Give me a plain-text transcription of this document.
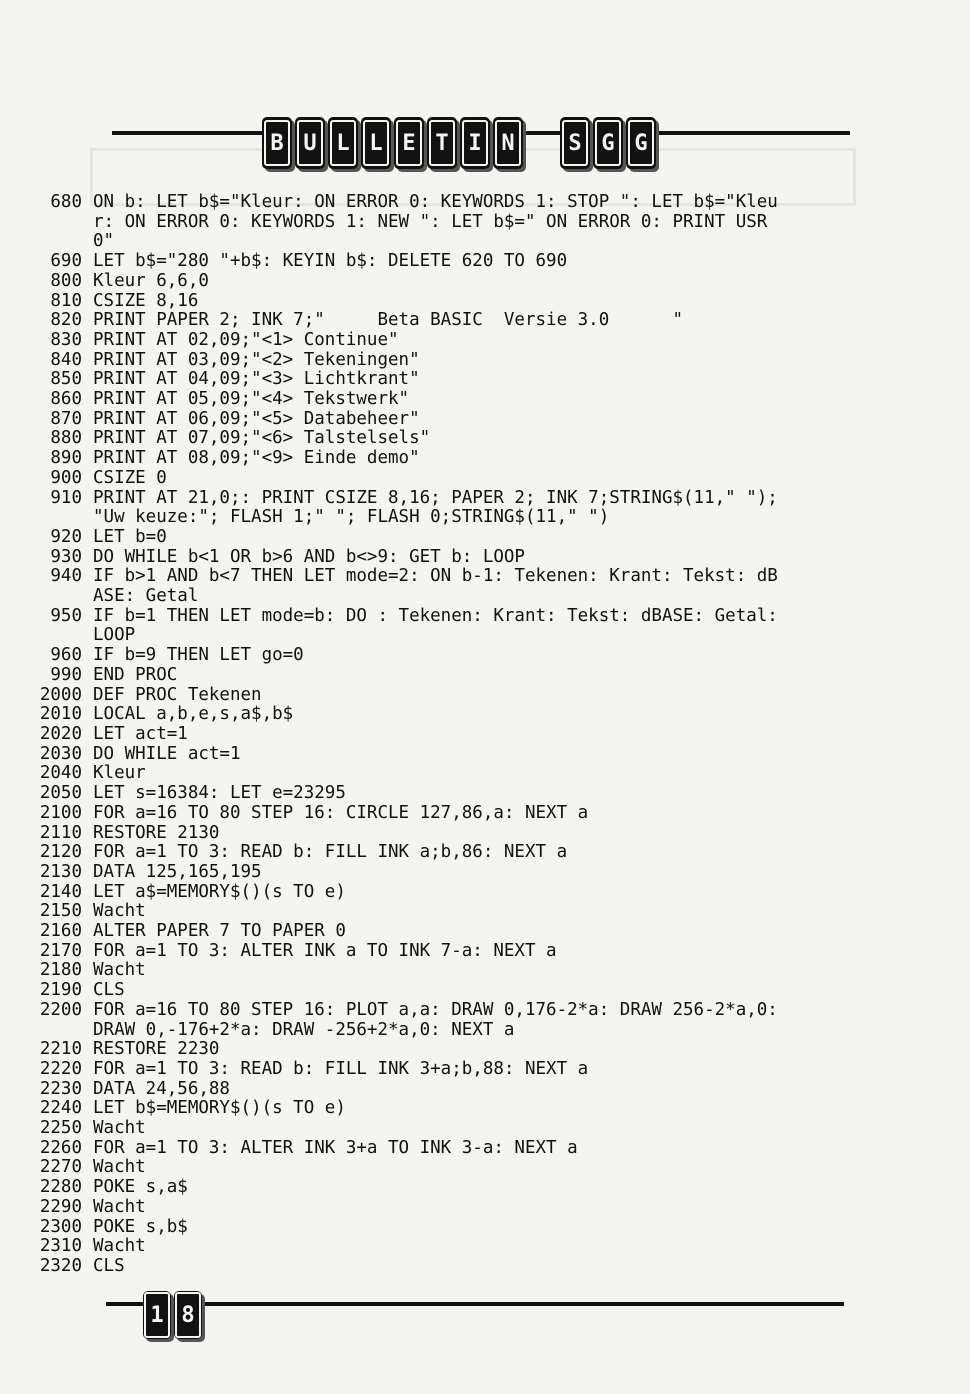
B U L L E T I N S G G
680 ON b: LET b$="Kleur: ON ERROR 0: KEYWORDS 1: STOP ": LET b$="Kleu
r: ON ERROR 0: KEYWORDS 1: NEW ": LET b$=" ON ERROR 0: PRINT USR
0"
690 LET b$="280 "+b$: KEYIN b$: DELETE 620 TO 690
800 Kleur 6,6,0
810 CSIZE 8,16
820 PRINT PAPER 2; INK 7;"     Beta BASIC  Versie 3.0      "
830 PRINT AT 02,09;"<1> Continue"
840 PRINT AT 03,09;"<2> Tekeningen"
850 PRINT AT 04,09;"<3> Lichtkrant"
860 PRINT AT 05,09;"<4> Tekstwerk"
870 PRINT AT 06,09;"<5> Databeheer"
880 PRINT AT 07,09;"<6> Talstelsels"
890 PRINT AT 08,09;"<9> Einde demo"
900 CSIZE 0
910 PRINT AT 21,0;: PRINT CSIZE 8,16; PAPER 2; INK 7;STRING$(11," ");
"Uw keuze:"; FLASH 1;" "; FLASH 0;STRING$(11," ")
920 LET b=0
930 DO WHILE b<1 OR b>6 AND b<>9: GET b: LOOP
940 IF b>1 AND b<7 THEN LET mode=2: ON b-1: Tekenen: Krant: Tekst: dB
ASE: Getal
950 IF b=1 THEN LET mode=b: DO : Tekenen: Krant: Tekst: dBASE: Getal:
LOOP
960 IF b=9 THEN LET go=0
990 END PROC
2000 DEF PROC Tekenen
2010 LOCAL a,b,e,s,a$,b$
2020 LET act=1
2030 DO WHILE act=1
2040 Kleur
2050 LET s=16384: LET e=23295
2100 FOR a=16 TO 80 STEP 16: CIRCLE 127,86,a: NEXT a
2110 RESTORE 2130
2120 FOR a=1 TO 3: READ b: FILL INK a;b,86: NEXT a
2130 DATA 125,165,195
2140 LET a$=MEMORY$()(s TO e)
2150 Wacht
2160 ALTER PAPER 7 TO PAPER 0
2170 FOR a=1 TO 3: ALTER INK a TO INK 7-a: NEXT a
2180 Wacht
2190 CLS
2200 FOR a=16 TO 80 STEP 16: PLOT a,a: DRAW 0,176-2*a: DRAW 256-2*a,0:
DRAW 0,-176+2*a: DRAW -256+2*a,0: NEXT a
2210 RESTORE 2230
2220 FOR a=1 TO 3: READ b: FILL INK 3+a;b,88: NEXT a
2230 DATA 24,56,88
2240 LET b$=MEMORY$()(s TO e)
2250 Wacht
2260 FOR a=1 TO 3: ALTER INK 3+a TO INK 3-a: NEXT a
2270 Wacht
2280 POKE s,a$
2290 Wacht
2300 POKE s,b$
2310 Wacht
2320 CLS
1 8
